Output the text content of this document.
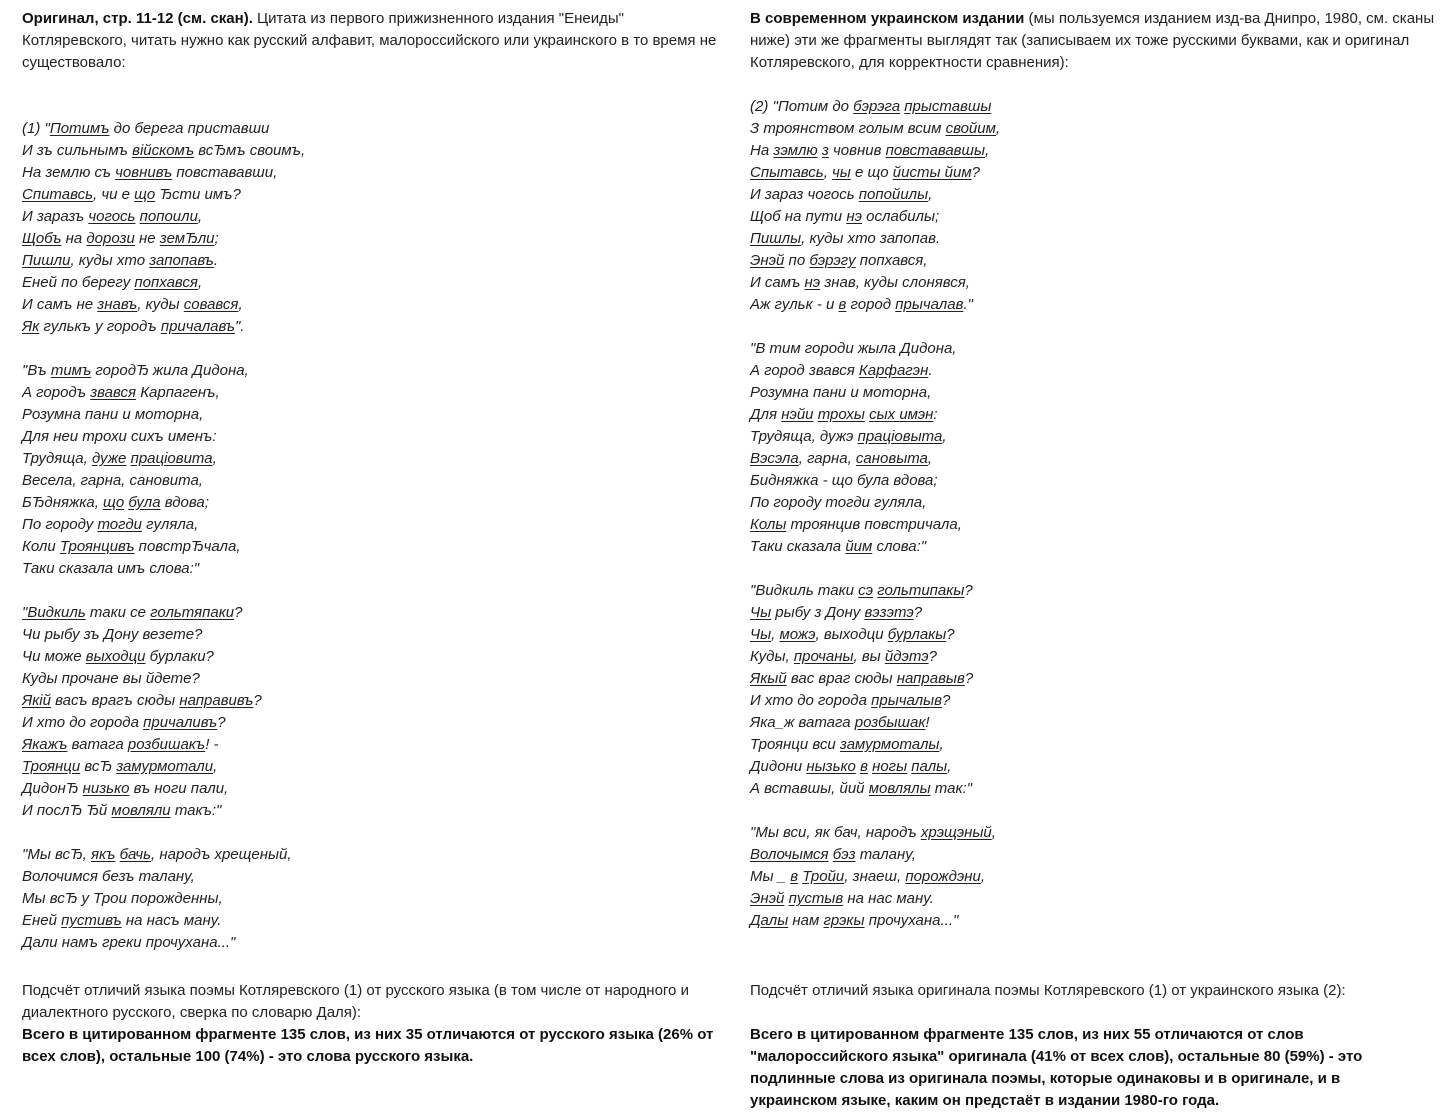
Оригинал, стр. 11-12 (см. скан). Цитата из первого прижизненного издания "Енеиды" Котляревского, читать нужно как русский алфавит, малороссийского или украинского в то время не существовало:

(1) "Потимъ до берега приставши

И зъ сильнымъ війскомъ всЂмъ своимъ,

На землю съ човнивъ повстававши,

Спитавсь, чи е що Ђсти имъ?

И заразъ чогось попоили,

Щобъ на дорози не земЂли;

Пишли, куды хто запопавъ.

Еней по берегу попхався,

И самъ не знавъ, куды совався,

Як гулькъ у городъ причалавъ".

"Въ тимъ городЂ жила Дидона,

А городъ звався Карпагенъ,

Розумна пани и моторна,

Для неи трохи сихъ именъ:

Трудяща, дуже працiовита,

Весела, гарна, сановита,

БЂдняжка, що була вдова;

По городу тогди гуляла,

Коли Троянцивъ повстрЂчала,

Таки сказала имъ слова:"

"Видкиль таки се гольтяпаки?

Чи рыбу зъ Дону везете?

Чи може выходци бурлаки?

Куды прочане вы йдете?

Якій васъ врагъ сюды направивъ?

И хто до города причаливъ?

Якажъ ватага розбишакъ! -

Троянци всЂ замурмотали,

ДидонЂ низько въ ноги пали,

И послЂ Ђй мовляли такъ:"

"Мы всЂ, якъ бачь, народъ хрещеный,

Волочимся безъ талану,

Мы всЂ у Трои порожденны,

Еней пустивъ на насъ ману.

Дали намъ греки прочухана..."

В современном украинском издании (мы пользуемся изданием изд-ва Днипро, 1980, см. сканы ниже) эти же фрагменты выглядят так (записываем их тоже русскими буквами, как и оригинал Котляревского, для корректности сравнения):

(2) "Потим до бэрэга прыставшы

З троянством голым всим свойим,

На зэмлю з човнив повстававшы,

Спытавсь, чы е що йисты йим?

И зараз чогось попойилы,

Щоб на пути нэ ослабилы;

Пишлы, куды хто запопав.

Энэй по бэрэгу попхався,

И самъ нэ знав, куды слонявся,

Аж гульк - и в город прычалав."

"В тим городи жыла Дидона,

А город звався Карфагэн.

Розумна пани и моторна,

Для нэйи трохы сых имэн:

Трудяща, дужэ працiовыта,

Вэсэла, гарна, сановыта,

Бидняжка - що була вдова;

По городу тогди гуляла,

Колы троянцив повстричала,

Таки сказала йим слова:"

"Видкиль таки сэ гольтипакы?

Чы рыбу з Дону вэзэтэ?

Чы, можэ, выходци бурлакы?

Куды, прочаны, вы йдэтэ?

Якый вас враг сюды направыв?

И хто до города прычалыв?

Яка_ж ватага розбышак!

Троянци вси замурмоталы,

Дидони нызько в ногы палы,

А вставшы, йий мовлялы так:"

"Мы вси, як бач, народъ хрэщэный,

Волочымся бэз талану,

Мы _ в Тройи, знаеш, порождэни,

Энэй пустыв на нас ману.

Далы нам грэкы прочухана..."

Подсчёт отличий языка поэмы Котляревского (1) от русского языка (в том числе от народного и диалектного русского, сверка по словарю Даля):

Всего в цитированном фрагменте 135 слов, из них 35 отличаются от русского языка (26% от всех слов), остальные 100 (74%) - это слова русского языка.

Подсчёт отличий языка оригинала поэмы Котляревского (1) от украинского языка (2):

Всего в цитированном фрагменте 135 слов, из них 55 отличаются от слов "малороссийского языка" оригинала (41% от всех слов), остальные 80 (59%) - это подлинные слова из оригинала поэмы, которые одинаковы и в оригинале, и в украинском языке, каким он предстаёт в издании 1980-го года.
